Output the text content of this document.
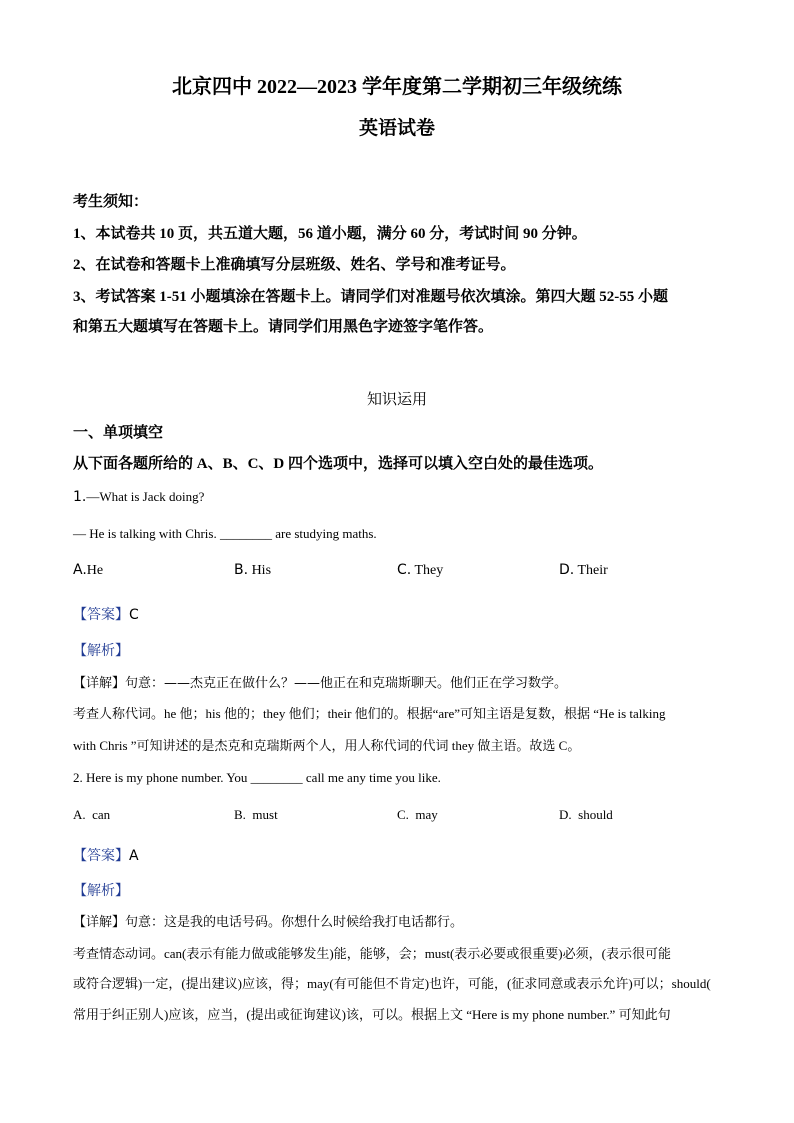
北京四中 2022—2023 学年度第二学期初三年级统练
英语试卷
考生须知：
1、本试卷共 10 页，共五道大题，56 道小题，满分 60 分，考试时间 90 分钟。
2、在试卷和答题卡上准确填写分层班级、姓名、学号和准考证号。
3、考试答案 1-51 小题填涂在答题卡上。请同学们对准题号依次填涂。第四大题 52-55 小题
和第五大题填写在答题卡上。请同学们用黑色字迹签字笔作答。
知识运用
一、单项填空
从下面各题所给的 A、B、C、D 四个选项中，选择可以填入空白处的最佳选项。
1.—What is Jack doing?
— He is talking with Chris. ________ are studying maths.
A.He	B. His	C. They	D. Their
【答案】C
【解析】
【详解】句意：——杰克正在做什么？——他正在和克瑞斯聊天。他们正在学习数学。
考查人称代词。he 他；his 他的；they 他们；their 他们的。根据“are”可知主语是复数，根据 “He is talking
with Chris ”可知讲述的是杰克和克瑞斯两个人，用人称代词的代词 they 做主语。故选 C。
2. Here is my phone number. You ________ call me any time you like.
A. can	B. must	C. may	D. should
【答案】A
【解析】
【详解】句意：这是我的电话号码。你想什么时候给我打电话都行。
考查情态动词。can(表示有能力做或能够发生)能，能够，会；must(表示必要或很重要)必须，(表示很可能
或符合逻辑)一定，(提出建议)应该，得；may(有可能但不肯定)也许，可能，(征求同意或表示允许)可以；should(
常用于纠正别人)应该，应当，(提出或征询建议)该，可以。根据上文 “Here is my phone number.” 可知此句
